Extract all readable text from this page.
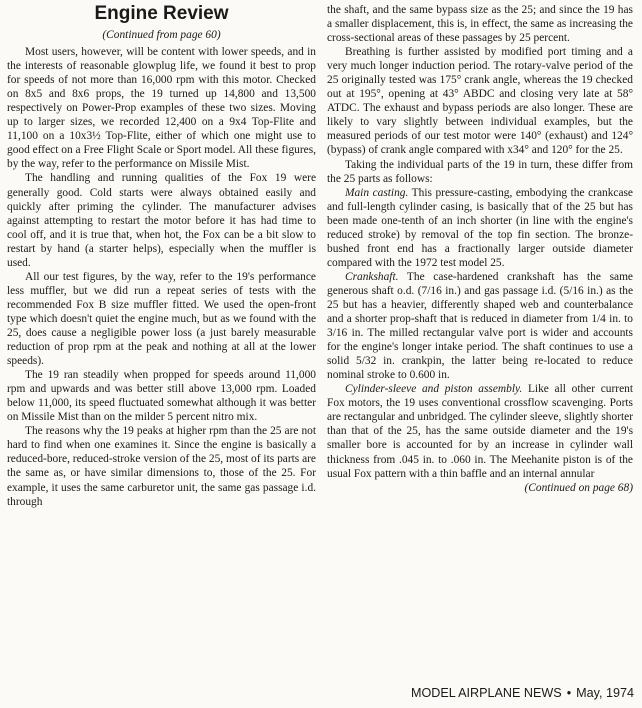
Engine Review
(Continued from page 60)

Most users, however, will be content with lower speeds, and in the interests of reasonable glowplug life, we found it best to prop for speeds of not more than 16,000 rpm with this motor. Checked on 8x5 and 8x6 props, the 19 turned up 14,800 and 13,500 respectively on Power-Prop examples of these two sizes. Moving up to larger sizes, we recorded 12,400 on a 9x4 Top-Flite and 11,100 on a 10x3½ Top-Flite, either of which one might use to good effect on a Free Flight Scale or Sport model. All these figures, by the way, refer to the performance on Missile Mist.

The handling and running qualities of the Fox 19 were generally good. Cold starts were always obtained easily and quickly after priming the cylinder. The manufacturer advises against attempting to restart the motor before it has had time to cool off, and it is true that, when hot, the Fox can be a bit slow to restart by hand (a starter helps), especially when the muffler is used.

All our test figures, by the way, refer to the 19's performance less muffler, but we did run a repeat series of tests with the recommended Fox B size muffler fitted. We used the open-front type which doesn't quiet the engine much, but as we found with the 25, does cause a negligible power loss (a just barely measurable reduction of prop rpm at the peak and nothing at all at the lower speeds).

The 19 ran steadily when propped for speeds around 11,000 rpm and upwards and was better still above 13,000 rpm. Loaded below 11,000, its speed fluctuated somewhat although it was better on Missile Mist than on the milder 5 percent nitro mix.

The reasons why the 19 peaks at higher rpm than the 25 are not hard to find when one examines it. Since the engine is basically a reduced-bore, reduced-stroke version of the 25, most of its parts are the same as, or have similar dimensions to, those of the 25. For example, it uses the same carburetor unit, the same gas passage i.d. through

the shaft, and the same bypass size as the 25; and since the 19 has a smaller displacement, this is, in effect, the same as increasing the cross-sectional areas of these passages by 25 percent.

Breathing is further assisted by modified port timing and a very much longer induction period. The rotary-valve period of the 25 originally tested was 175° crank angle, whereas the 19 checked out at 195°, opening at 43° ABDC and closing very late at 58° ATDC. The exhaust and bypass periods are also longer. These are likely to vary slightly between individual examples, but the measured periods of our test motor were 140° (exhaust) and 124° (bypass) of crank angle compared with x34° and 120° for the 25.

Taking the individual parts of the 19 in turn, these differ from the 25 parts as follows:

Main casting. This pressure-casting, embodying the crankcase and full-length cylinder casing, is basically that of the 25 but has been made one-tenth of an inch shorter (in line with the engine's reduced stroke) by removal of the top fin section. The bronze-bushed front end has a fractionally larger outside diameter compared with the 1972 test model 25.

Crankshaft. The case-hardened crankshaft has the same generous shaft o.d. (7/16 in.) and gas passage i.d. (5/16 in.) as the 25 but has a heavier, differently shaped web and counterbalance and a shorter prop-shaft that is reduced in diameter from 1/4 in. to 3/16 in. The milled rectangular valve port is wider and accounts for the engine's longer intake period. The shaft continues to use a solid 5/32 in. crankpin, the latter being re-located to reduce nominal stroke to 0.600 in.

Cylinder-sleeve and piston assembly. Like all other current Fox motors, the 19 uses conventional crossflow scavenging. Ports are rectangular and unbridged. The cylinder sleeve, slightly shorter than that of the 25, has the same outside diameter and the 19's smaller bore is accounted for by an increase in cylinder wall thickness from .045 in. to .060 in. The Meehanite piston is of the usual Fox pattern with a thin baffle and an internal annular

(Continued on page 68)
MODEL AIRPLANE NEWS • May, 1974
